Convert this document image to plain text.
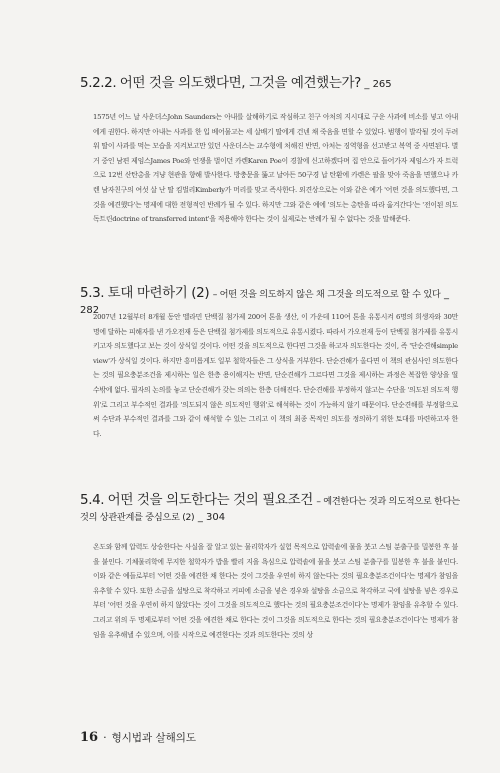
5.2.2. 어떤 것을 의도했다면, 그것을 예견했는가? _ 265
1575년 어느 날 사운더스John Saunders는 아내를 살해하기로 작심하고 친구 아처의 지시대로 구운 사과에 비소를 넣고 아내에게 권한다. 하지만 아내는 사과를 한 입 베어물고는 세 살배기 딸에게 건넨 채 죽음을 면할 수 있었다. 범행이 발각될 것이 두려워 딸이 사과를 먹는 모습을 지켜보고만 있던 사운더스는 교수형에 처해진 반면, 아처는 징역형을 선고받고 복역 중 사면된다. 별거 중인 남편 제임스James Poe와 언쟁을 벌이던 카렌Karen Poe이 경찰에 신고하겠다며 집 안으로 들어가자 제임스가 자 트럭으로 12번 산탄총을 겨냥 현관을 향해 발사한다. 방충문을 뚫고 날아든 50구경 납 탄환에 카렌은 팔을 맞아 죽음을 면했으나 카렌 남자친구의 여섯 살 난 딸 킴벌리Kimberly가 머리를 맞고 즉사한다. 외견상으로는 이와 같은 예가 '어떤 것을 의도했다면, 그것을 예견했다'는 명제에 대한 전형적인 반례가 될 수 있다. 하지만 그와 같은 예에 '의도는 총탄을 따라 옮겨간다'는 '전이된 의도 독트린doctrine of transferred intent'을 적용해야 한다는 것이 실제로는 반례가 될 수 없다는 것을 말해준다.
5.3. 토대 마련하기 (2) – 어떤 것을 의도하지 않은 채 그것을 의도적으로 할 수 있다 _ 282
2007년 12월부터 8개월 동안 멜라민 단백질 첨가제 200여 톤을 생산, 이 가운데 110여 톤을 유통시켜 6명의 희생자와 30만 명에 달하는 피해자를 낸 가오전재 등은 단백질 첨가제를 의도적으로 유통시켰다. 따라서 가오전재 등이 단백질 첨가제를 유통시키고자 의도했다고 보는 것이 상식일 것이다. 어떤 것을 의도적으로 한다면 그것을 하고자 의도한다는 것이, 즉 '단순견해simple view'가 상식일 것이다. 하지만 흥미롭게도 일부 철학자들은 그 상식을 거부한다. 단순견해가 올다면 이 책의 관심사인 의도한다는 것의 필요충분조건을 제시하는 일은 한층 용이해지는 반면, 단순견해가 그르다면 그것을 제시하는 과정은 복잡한 양상을 띨 수밖에 없다. 필자의 논의를 놓고 단순견해가 갖는 의의는 한층 더해진다. 단순견해를 부정하지 않고는 수단을 '의도된 의도적 행위'로 그리고 부수적인 결과를 '의도되지 않은 의도적인 행위'로 해석하는 것이 가능하지 않기 때문이다. 단순견해를 부정함으로써 수단과 부수적인 결과를 그와 같이 해석할 수 있는 그리고 이 책의 최종 목적인 의도를 정의하기 위한 토대를 마련하고자 한다.
5.4. 어떤 것을 의도한다는 것의 필요조건 – 예견한다는 것과 의도적으로 한다는 것의 상관관계를 중심으로 (2) _ 304
온도와 함께 압력도 상승한다는 사실을 잘 알고 있는 물리학자가 실험 목적으로 압력솥에 물을 붓고 스팀 분출구를 밀봉한 후 불을 붙인다. 기체물리학에 무지한 철학자가 밥을 빨리 지을 욕심으로 압력솥에 물을 붓고 스팀 분출구를 밀봉한 후 불을 붙인다. 이와 같은 예들로부터 '어떤 것을 예견한 채 한다는 것이 그것을 우연히 하지 않는다는 것의 필요충분조건이다'는 명제가 참임을 유추할 수 있다. 또한 소금을 설탕으로 착각하고 커피에 소금을 넣은 경우와 설탕을 소금으로 착각하고 국에 설탕을 넣은 경우로부터 '어떤 것을 우연히 하지 않았다는 것이 그것을 의도적으로 했다는 것의 필요충분조건이다'는 명제가 참임을 유추할 수 있다. 그리고 위의 두 명제로부터 '어떤 것을 예견한 채로 한다는 것이 그것을 의도적으로 한다는 것의 필요충분조건이다'는 명제가 참임을 유추해낼 수 있으며, 이를 시작으로 예견한다는 것과 의도한다는 것의 상
16 · 형시법과 살해의도
